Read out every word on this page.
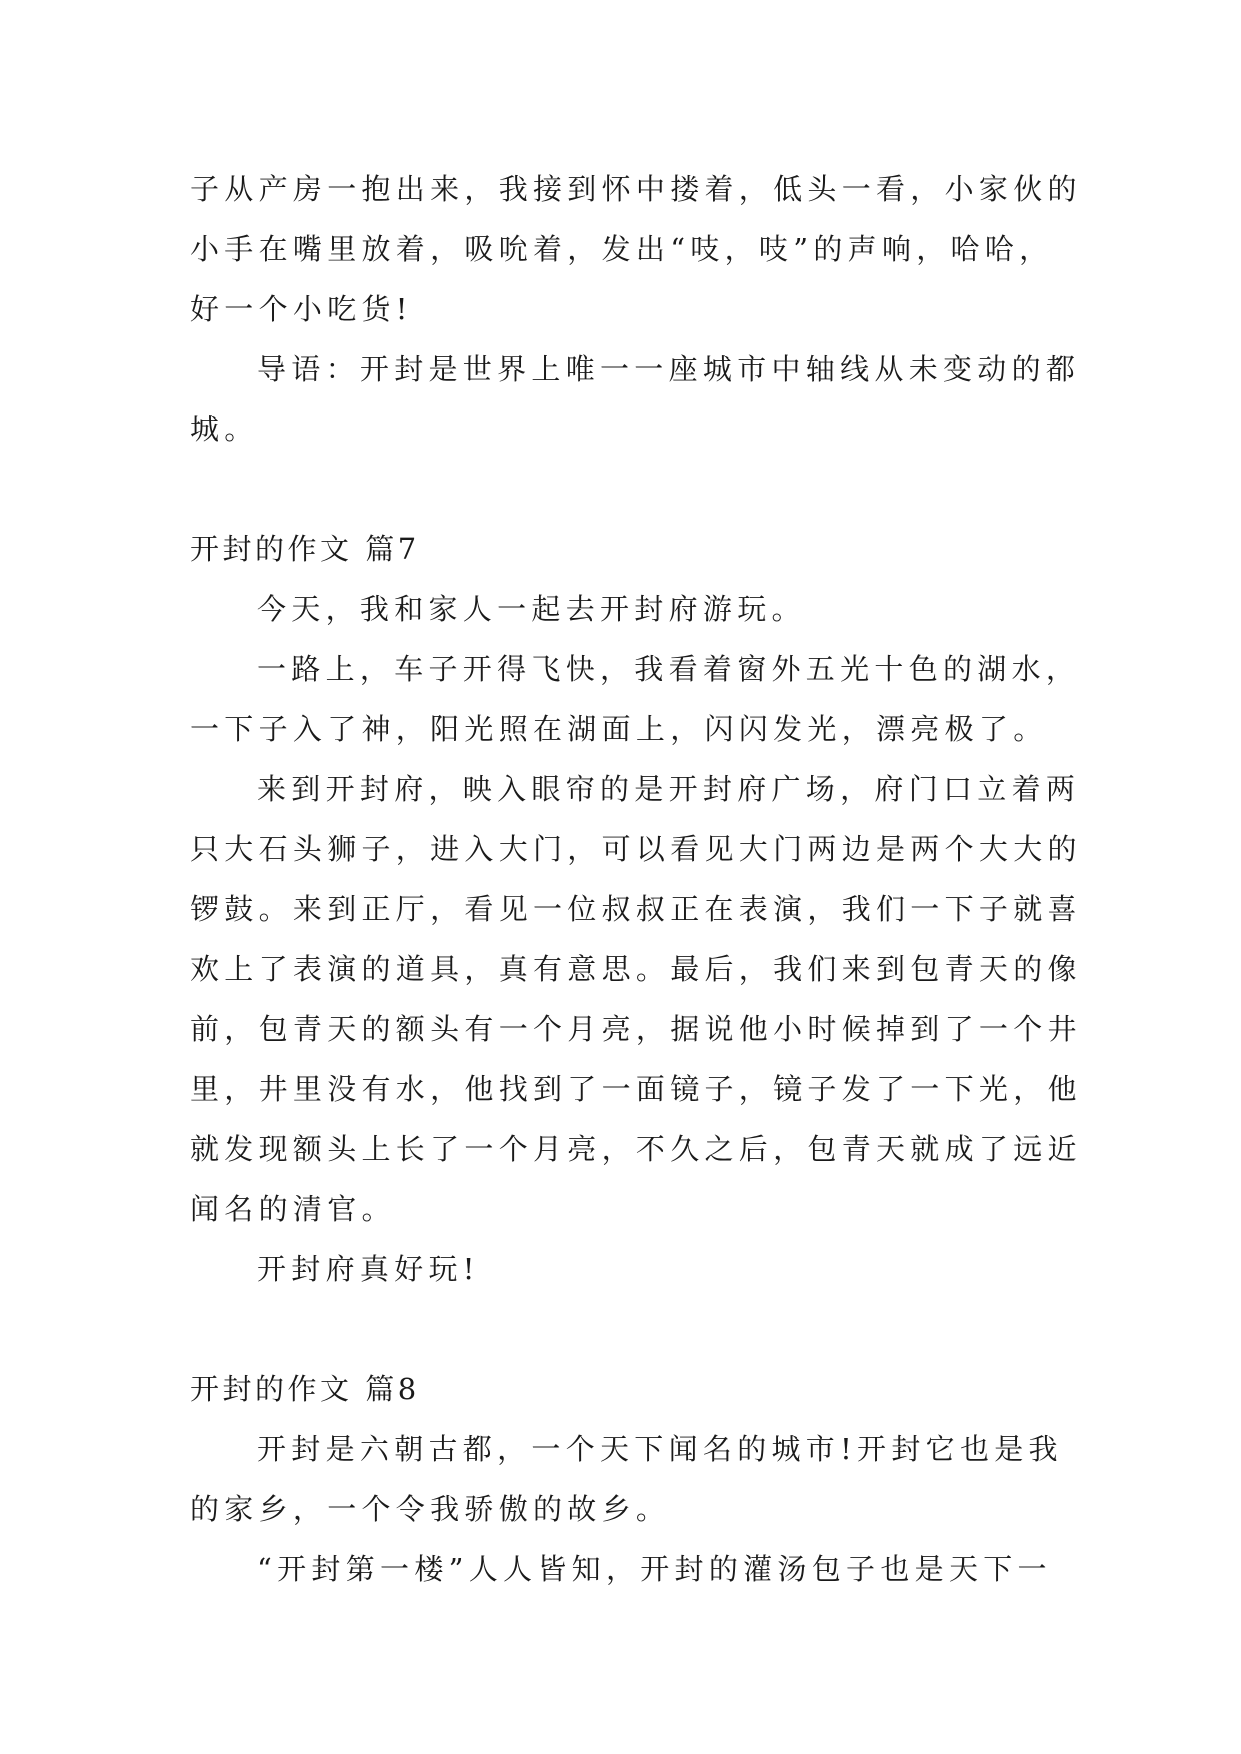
子从产房一抱出来，我接到怀中搂着，低头一看，小家伙的
小手在嘴里放着，吸吮着，发出“吱，吱”的声响，哈哈，
好一个小吃货!
导语：开封是世界上唯一一座城市中轴线从未变动的都
城。
开封的作文 篇7
今天，我和家人一起去开封府游玩。
一路上，车子开得飞快，我看着窗外五光十色的湖水，
一下子入了神，阳光照在湖面上，闪闪发光，漂亮极了。
来到开封府，映入眼帘的是开封府广场，府门口立着两
只大石头狮子，进入大门，可以看见大门两边是两个大大的
锣鼓。来到正厅，看见一位叔叔正在表演，我们一下子就喜
欢上了表演的道具，真有意思。最后，我们来到包青天的像
前，包青天的额头有一个月亮，据说他小时候掉到了一个井
里，井里没有水，他找到了一面镜子，镜子发了一下光，他
就发现额头上长了一个月亮，不久之后，包青天就成了远近
闻名的清官。
开封府真好玩!
开封的作文 篇8
开封是六朝古都，一个天下闻名的城市!开封它也是我
的家乡，一个令我骄傲的故乡。
“开封第一楼”人人皆知，开封的灌汤包子也是天下一
